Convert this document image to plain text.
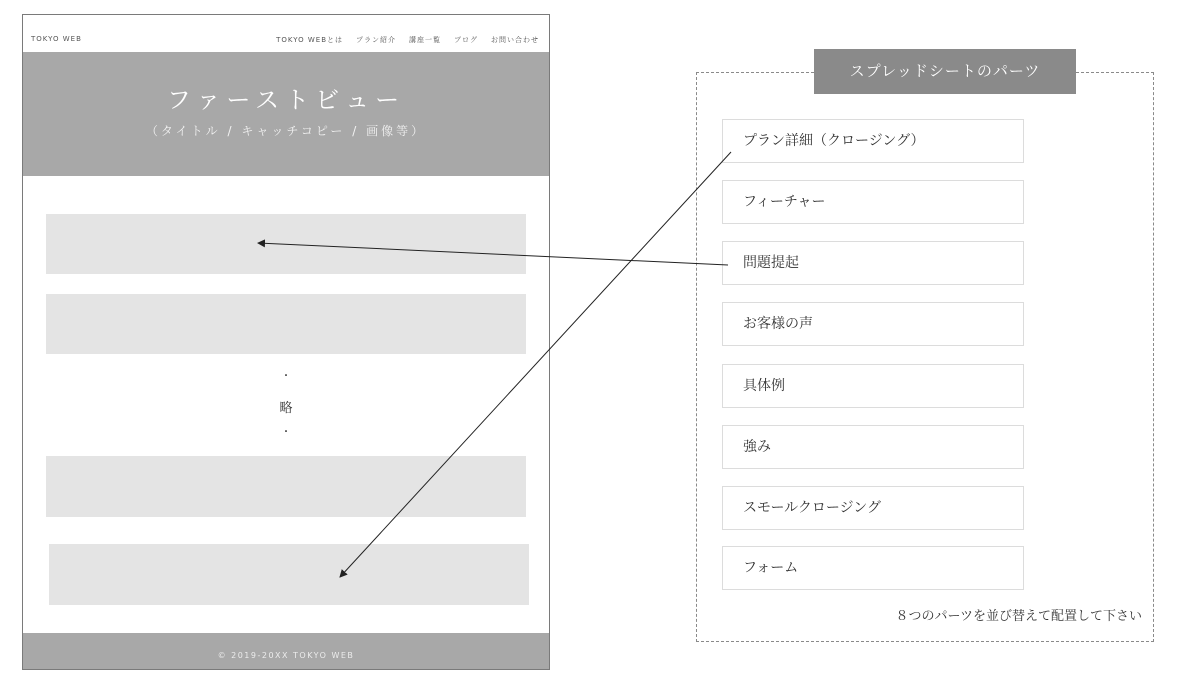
TOKYO WEB	TOKYO WEBとは プラン紹介 講座一覧 ブログ お問い合わせ
ファーストビュー
（タイトル / キャッチコピー / 画像等）
・
略
・
© 2019-20XX TOKYO WEB
スプレッドシートのパーツ
プラン詳細（クロージング）
フィーチャー
問題提起
お客様の声
具体例
強み
スモールクロージング
フォーム
８つのパーツを並び替えて配置して下さい
